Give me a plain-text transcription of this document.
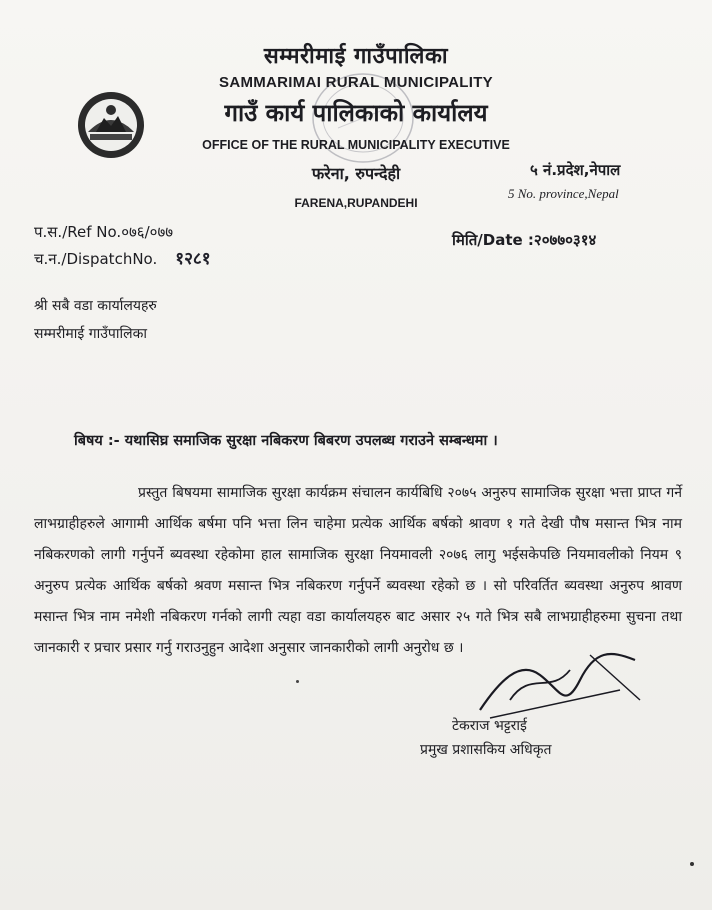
सम्मरीमाई गाउँपालिका
SAMMARIMAI RURAL MUNICIPALITY
गाउँ कार्य पालिकाको कार्यालय
OFFICE OF THE RURAL MUNICIPALITY EXECUTIVE
फरेना, रुपन्देही
FARENA,RUPANDEHI
५ नं.प्रदेश,नेपाल
5 No. province,Nepal
प.स./Ref No.०७६/०७७
च.न./DispatchNo. १२८१
मिति/Date :२०७७०३१४
श्री सबै वडा कार्यालयहरु
सम्मरीमाई गाउँपालिका
बिषय :- यथासिघ्र समाजिक सुरक्षा नबिकरण बिबरण उपलब्ध गराउने सम्बन्धमा ।
प्रस्तुत बिषयमा सामाजिक सुरक्षा कार्यक्रम संचालन कार्यबिधि २०७५ अनुरुप सामाजिक सुरक्षा भत्ता प्राप्त गर्ने लाभग्राहीहरुले आगामी आर्थिक बर्षमा पनि भत्ता लिन चाहेमा प्रत्येक आर्थिक बर्षको श्रावण १ गते देखी पौष मसान्त भित्र नाम नबिकरणको लागी गर्नुपर्ने ब्यवस्था रहेकोमा हाल सामाजिक सुरक्षा नियमावली २०७६ लागु भईसकेपछि नियमावलीको नियम ९ अनुरुप प्रत्येक आर्थिक बर्षको श्रवण मसान्त भित्र नबिकरण गर्नुपर्ने ब्यवस्था रहेको छ । सो परिवर्तित ब्यवस्था अनुरुप श्रावण मसान्त भित्र नाम नमेशी नबिकरण गर्नको लागी त्यहा वडा कार्यालयहरु बाट असार २५ गते भित्र सबै लाभग्राहीहरुमा सुचना तथा जानकारी र प्रचार प्रसार गर्नु गराउनुहुन आदेशा अनुसार जानकारीको लागी अनुरोध छ ।
टेकराज भट्टराई
प्रमुख प्रशासकिय अधिकृत
